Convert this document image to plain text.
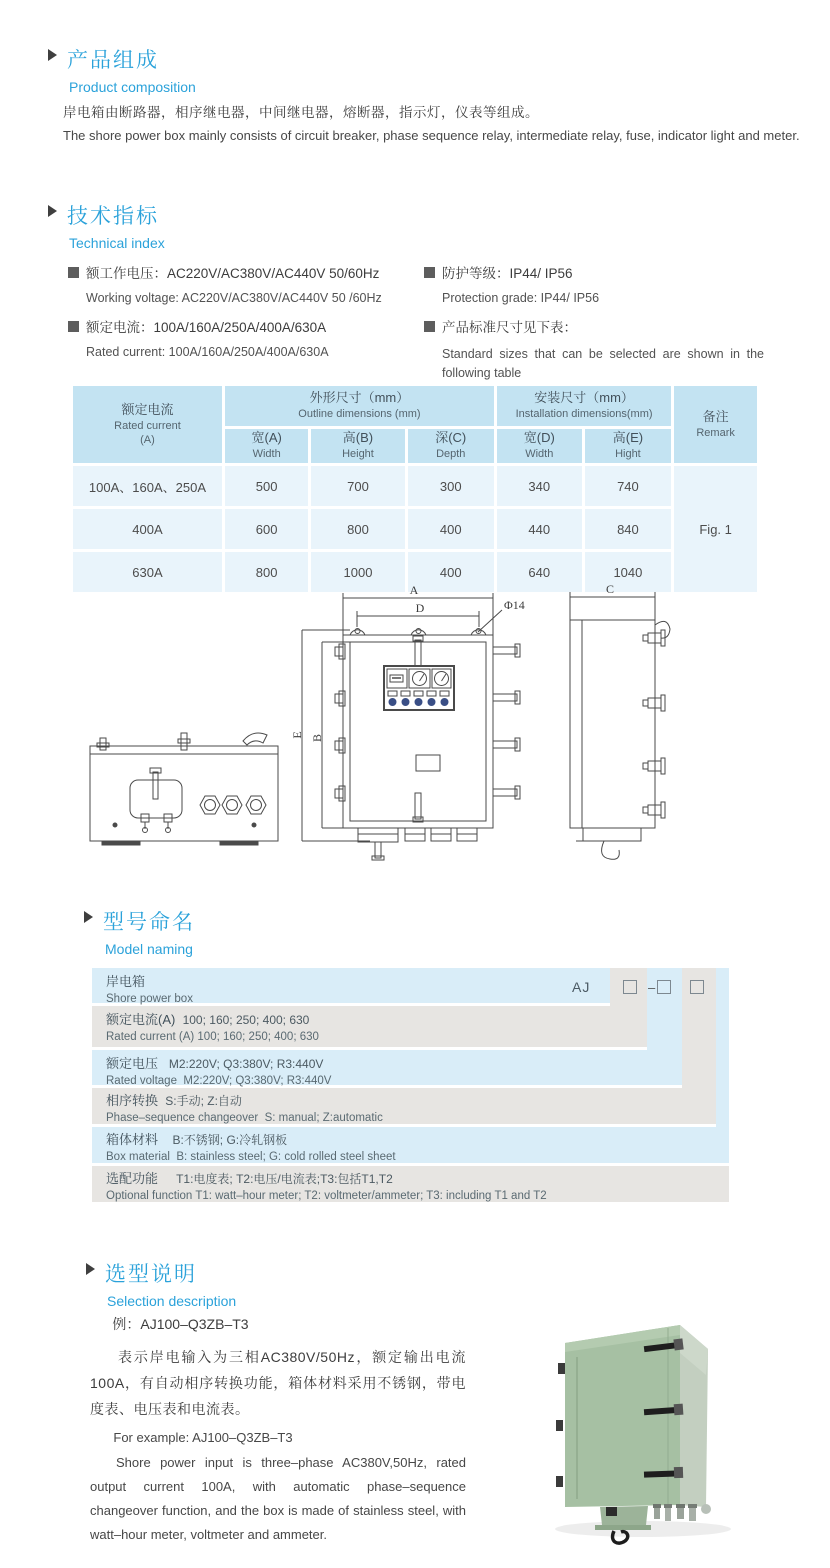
产品组成
Product composition
岸电箱由断路器，相序继电器，中间继电器，熔断器，指示灯，仪表等组成。
The shore power box mainly consists of circuit breaker, phase sequence relay, intermediate relay, fuse, indicator light and meter.
技术指标
Technical index
额工作电压：AC220V/AC380V/AC440V 50/60Hz
Working voltage: AC220V/AC380V/AC440V 50 /60Hz
额定电流：100A/160A/250A/400A/630A
Rated current: 100A/160A/250A/400A/630A
防护等级：IP44/ IP56
Protection grade: IP44/ IP56
产品标准尺寸见下表：
Standard sizes that can be selected are shown in the following table
额定电流
Rated current
(A)

外形尺寸（mm）
Outline dimensions (mm)

安装尺寸（mm）
Installation dimensions(mm)	备注
Remark

宽(A)
Width

高(B)
Height

深(C)
Depth

宽(D)
Width

高(E)
Hight

100A、160A、250A	500	700	300	340	740	Fig. 1
400A	600	800	400	440	840	
630A	800	1000	400	640	1040	
A
D	Φ14
E B
C
型号命名
Model naming
岸电箱
Shore power box
AJ	–
额定电流(A) 100; 160; 250; 400; 630
Rated current (A) 100; 160; 250; 400; 630
额定电压 M2:220V; Q3:380V; R3:440V
Rated voltage M2:220V; Q3:380V; R3:440V
相序转换 S:手动; Z:自动
Phase–sequence changeover S: manual; Z:automatic
箱体材料 B:不锈钢; G:冷轧钢板
Box material B: stainless steel; G: cold rolled steel sheet
选配功能 T1:电度表; T2:电压/电流表;T3:包括T1,T2
Optional function T1: watt–hour meter; T2: voltmeter/ammeter; T3: including T1 and T2
选型说明
Selection description
例：AJ100–Q3ZB–T3
表示岸电输入为三相AC380V/50Hz，额定输出电流100A，有自动相序转换功能，箱体材料采用不锈钢，带电度表、电压表和电流表。
For example: AJ100–Q3ZB–T3
Shore power input is three–phase AC380V,50Hz, rated output current 100A, with automatic phase–sequence changeover function, and the box is made of stainless steel, with watt–hour meter, voltmeter and ammeter.
